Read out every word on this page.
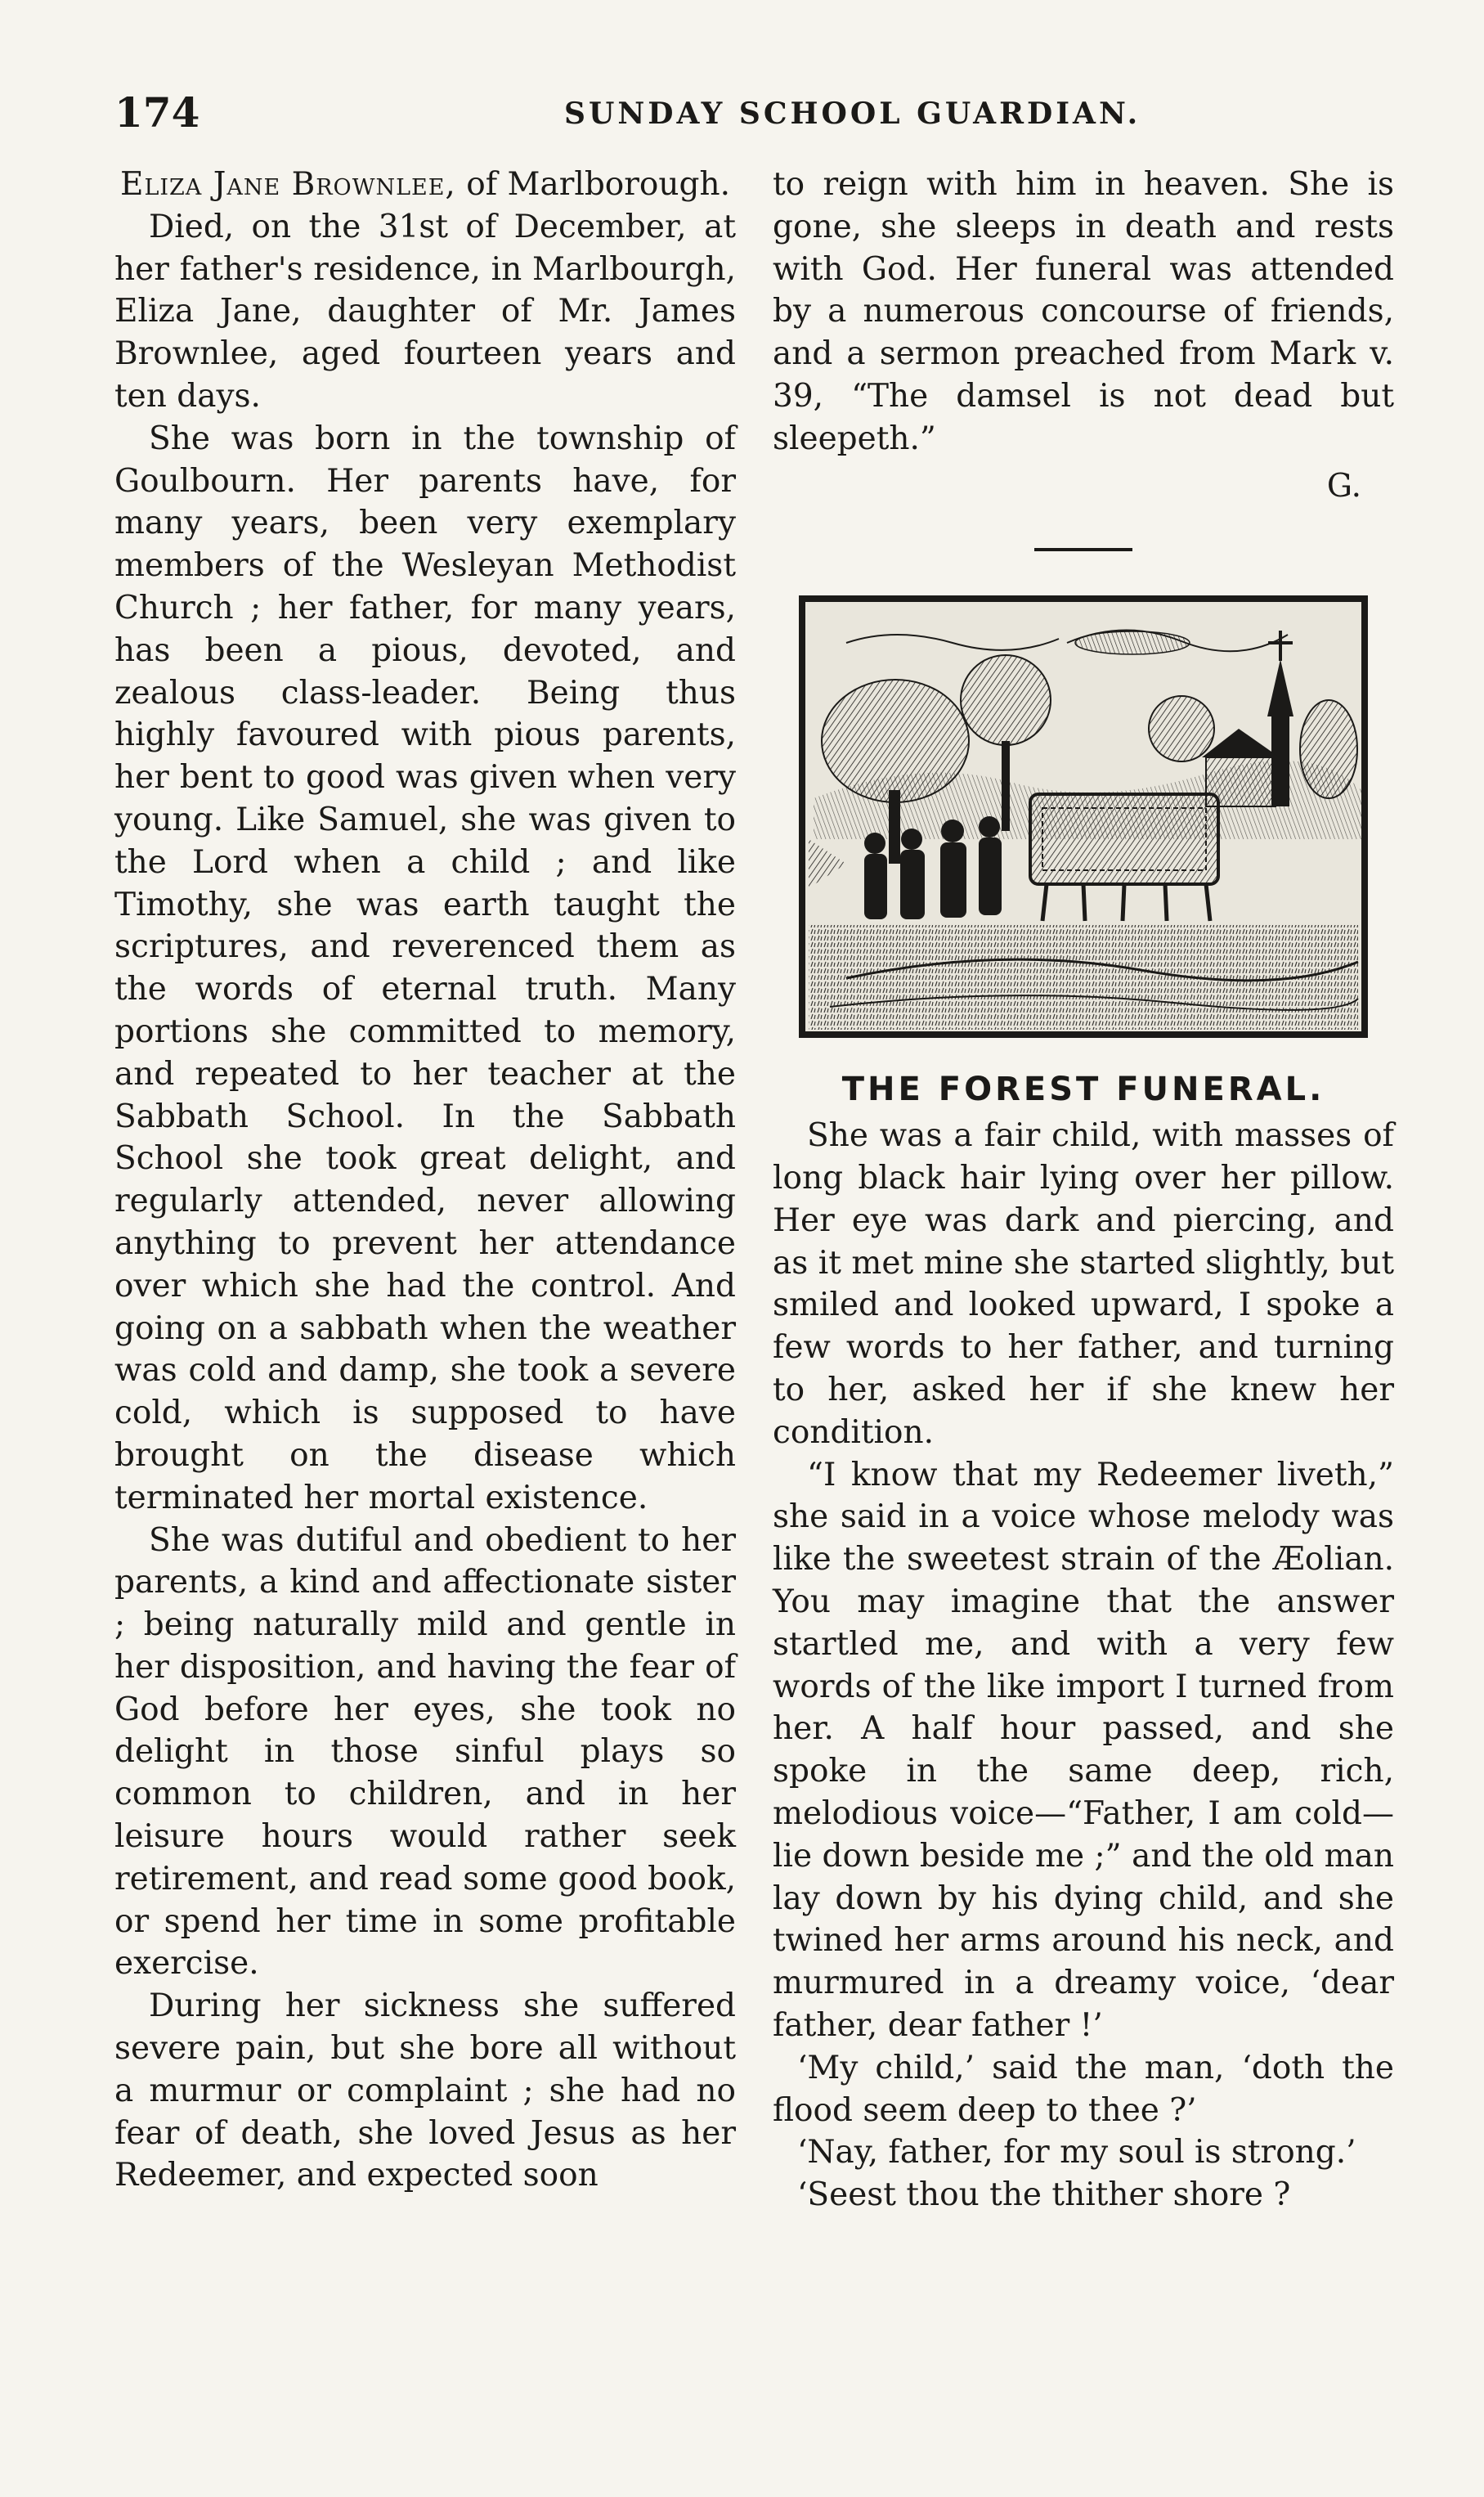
174	SUNDAY SCHOOL GUARDIAN.

Eliza Jane Brownlee, of Marlborough.

Died, on the 31st of December, at her father's residence, in Marlbourgh, Eliza Jane, daughter of Mr. James Brownlee, aged fourteen years and ten days.

She was born in the township of Goulbourn. Her parents have, for many years, been very exemplary members of the Wesleyan Methodist Church ; her father, for many years, has been a pious, devoted, and zealous class-leader. Being thus highly favoured with pious parents, her bent to good was given when very young. Like Samuel, she was given to the Lord when a child ; and like Timothy, she was earth taught the scriptures, and reverenced them as the words of eternal truth. Many portions she committed to memory, and repeated to her teacher at the Sabbath School. In the Sabbath School she took great delight, and regularly attended, never allowing anything to prevent her attendance over which she had the control. And going on a sabbath when the weather was cold and damp, she took a severe cold, which is supposed to have brought on the disease which terminated her mortal existence.

She was dutiful and obedient to her parents, a kind and affectionate sister ; being naturally mild and gentle in her disposition, and having the fear of God before her eyes, she took no delight in those sinful plays so common to children, and in her leisure hours would rather seek retirement, and read some good book, or spend her time in some profitable exercise.

During her sickness she suffered severe pain, but she bore all without a murmur or complaint ; she had no fear of death, she loved Jesus as her Redeemer, and expected soon

to reign with him in heaven. She is gone, she sleeps in death and rests with God. Her funeral was attended by a numerous concourse of friends, and a sermon preached from Mark v. 39, “The damsel is not dead but sleepeth.”

G.

THE FOREST FUNERAL.

She was a fair child, with masses of long black hair lying over her pillow. Her eye was dark and piercing, and as it met mine she started slightly, but smiled and looked upward, I spoke a few words to her father, and turning to her, asked her if she knew her condition.

“I know that my Redeemer liveth,” she said in a voice whose melody was like the sweetest strain of the Æolian. You may imagine that the answer startled me, and with a very few words of the like import I turned from her. A half hour passed, and she spoke in the same deep, rich, melodious voice—“Father, I am cold—lie down beside me ;” and the old man lay down by his dying child, and she twined her arms around his neck, and murmured in a dreamy voice, ‘dear father, dear father !’

‘My child,’ said the man, ‘doth the flood seem deep to thee ?’

‘Nay, father, for my soul is strong.’

‘Seest thou the thither shore ?
